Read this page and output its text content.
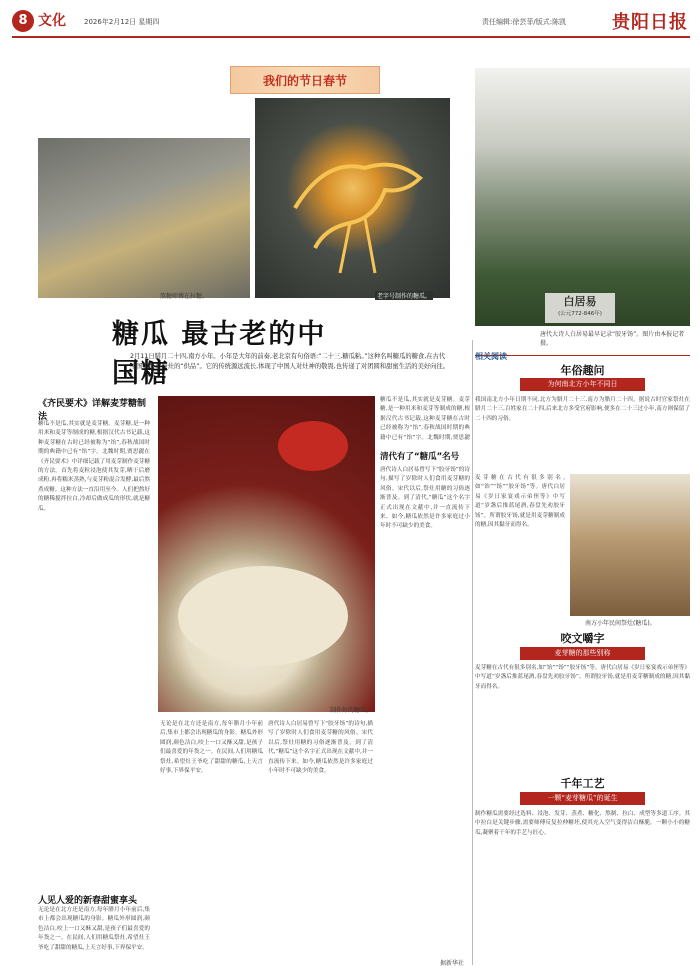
8 文化	2026年2月12日 星期四	责任编辑:徐芸菲/版式:陈凯	贵阳日报
我们的节日春节
熬糖师傅在拉糖。	老字号制作的糖瓜。	白居易
(公元772-846年)
唐代大诗人白居易最早记录“胶牙饧”。图片由本报记者摄。
相关阅读
糖瓜 最古老的中国糖
2月11日腊月二十四,南方小年。小年是大年的前奏,老北京有句俗语:“二十三,糖瓜粘。”这种名叫糖瓜的糖食,在古代中国曾经是祭灶的“供品”。它的传统源远流长,体现了中国人对灶神的敬畏,也传递了对团圆和甜蜜生活的美好向往。
《齐民要术》详解麦芽糖制法
糖瓜不是瓜,其实就是麦芽糖。麦芽糖,是一种用米和麦芽等制成的糖,根据汉代古书记载,这种麦芽糖在古时已经被称为“饴”,春秋战国时期的典籍中已有“饴”字。北魏时期,贾思勰在《齐民要术》中详细记载了用麦芽制作麦芽糖的方法。首先将麦粒浸泡使其发芽,晒干后磨成粉,再将糯米蒸熟,与麦芽粉混合发酵,最后熬煮成糖。这种方法一直沿用至今。人们把熬好的糖稀搅拌拉白,冷却后做成瓜的形状,就是糖瓜。
人见人爱的新春甜蜜享头
无论是在北方还是南方,每年腊月小年前后,集市上都会出现糖瓜的身影。糖瓜外形圆润,颜色洁白,咬上一口又酥又甜,是孩子们最喜爱的年货之一。在民间,人们用糖瓜祭灶,希望灶王爷吃了甜甜的糖瓜,上天言好事,下界保平安。
制作好的糖瓜。
无论是在北方还是南方,每年腊月小年前后,集市上都会出现糖瓜的身影。糖瓜外形圆润,颜色洁白,咬上一口又酥又甜,是孩子们最喜爱的年货之一。在民间,人们用糖瓜祭灶,希望灶王爷吃了甜甜的糖瓜,上天言好事,下界保平安。
唐代诗人白居易曾写下“胶牙饧”的诗句,描写了岁除时人们食用麦芽糖的风俗。宋代以后,祭灶用糖的习俗逐渐普及。到了清代,“糖瓜”这个名字正式出现在文献中,并一直流传下来。如今,糖瓜依然是许多家庭过小年时不可缺少的美食。
糖瓜不是瓜,其实就是麦芽糖。麦芽糖,是一种用米和麦芽等制成的糖,根据汉代古书记载,这种麦芽糖在古时已经被称为“饴”,春秋战国时期的典籍中已有“饴”字。北魏时期,贾思勰
清代有了“糖瓜”名号
唐代诗人白居易曾写下“胶牙饧”的诗句,描写了岁除时人们食用麦芽糖的风俗。宋代以后,祭灶用糖的习俗逐渐普及。到了清代,“糖瓜”这个名字正式出现在文献中,并一直流传下来。如今,糖瓜依然是许多家庭过小年时不可缺少的美食。
据新华社
年俗趣问
为何南北方小年不同日
我国南北方小年日期不同,北方为腊月二十三,南方为腊月二十四。据说古时官家祭灶在腊月二十三,百姓家在二十四,后来北方多受官府影响,便多在二十三过小年,南方则保留了二十四的习俗。
麦芽糖在古代有很多别名,如“饴”“饧”“胶牙饧”等。唐代白居易《岁日家宴戏示弟侄等》中写道“岁盏后推蓝尾酒,春盘先劝胶牙饧”。所谓胶牙饧,就是用麦芽糖制成的糖,因其黏牙而得名。
南方小年民间祭灶(糖瓜)。
咬文嚼字
麦芽糖的那些别称
麦芽糖在古代有很多别名,如“饴”“饧”“胶牙饧”等。唐代白居易《岁日家宴戏示弟侄等》中写道“岁盏后推蓝尾酒,春盘先劝胶牙饧”。所谓胶牙饧,就是用麦芽糖制成的糖,因其黏牙而得名。
千年工艺
一颗“麦芽糖瓜”的诞生
制作糖瓜需要经过选料、浸泡、发芽、蒸煮、糖化、熬制、拉白、成型等多道工序。其中拉白是关键步骤,需要师傅反复拉伸糖坯,使其充入空气变得洁白酥脆。一颗小小的糖瓜,凝聚着千年的手艺与匠心。
